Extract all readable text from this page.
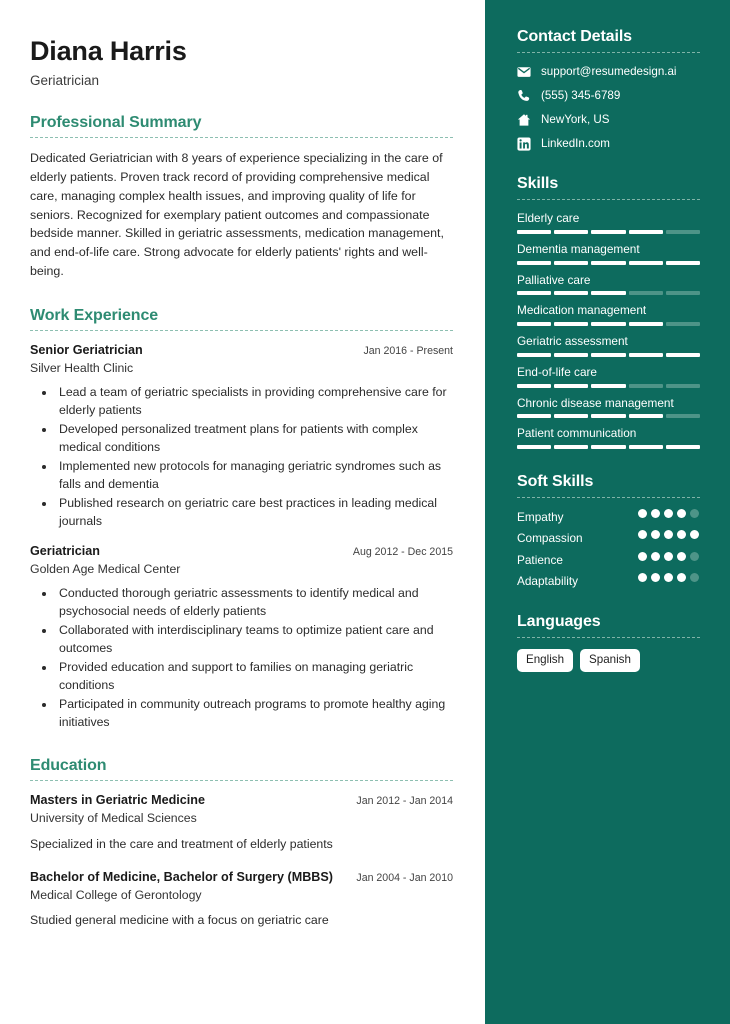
Diana Harris
Geriatrician
Professional Summary

Dedicated Geriatrician with 8 years of experience specializing in the care of elderly patients. Proven track record of providing comprehensive medical care, managing complex health issues, and improving quality of life for seniors. Recognized for exemplary patient outcomes and compassionate bedside manner. Skilled in geriatric assessments, medication management, and end-of-life care. Strong advocate for elderly patients' rights and well-being.

Work Experience
Senior Geriatrician	Jan 2016 - Present
Silver Health Clinic
• Lead a team of geriatric specialists in providing comprehensive care for elderly patients
• Developed personalized treatment plans for patients with complex medical conditions
• Implemented new protocols for managing geriatric syndromes such as falls and dementia
• Published research on geriatric care best practices in leading medical journals
Geriatrician	Aug 2012 - Dec 2015
Golden Age Medical Center
• Conducted thorough geriatric assessments to identify medical and psychosocial needs of elderly patients
• Collaborated with interdisciplinary teams to optimize patient care and outcomes
• Provided education and support to families on managing geriatric conditions
• Participated in community outreach programs to promote healthy aging initiatives
Education
Masters in Geriatric Medicine	Jan 2012 - Jan 2014
University of Medical Sciences
Specialized in the care and treatment of elderly patients
Bachelor of Medicine, Bachelor of Surgery (MBBS) Jan 2004 - Jan 2010
Medical College of Gerontology
Studied general medicine with a focus on geriatric care
Contact Details
support@resumedesign.ai
(555) 345-6789
NewYork, US
LinkedIn.com
Skills
Elderly care
Dementia management
Palliative care
Medication management
Geriatric assessment
End-of-life care
Chronic disease management
Patient communication
Soft Skills
Empathy
Compassion
Patience
Adaptability
Languages
English	Spanish
